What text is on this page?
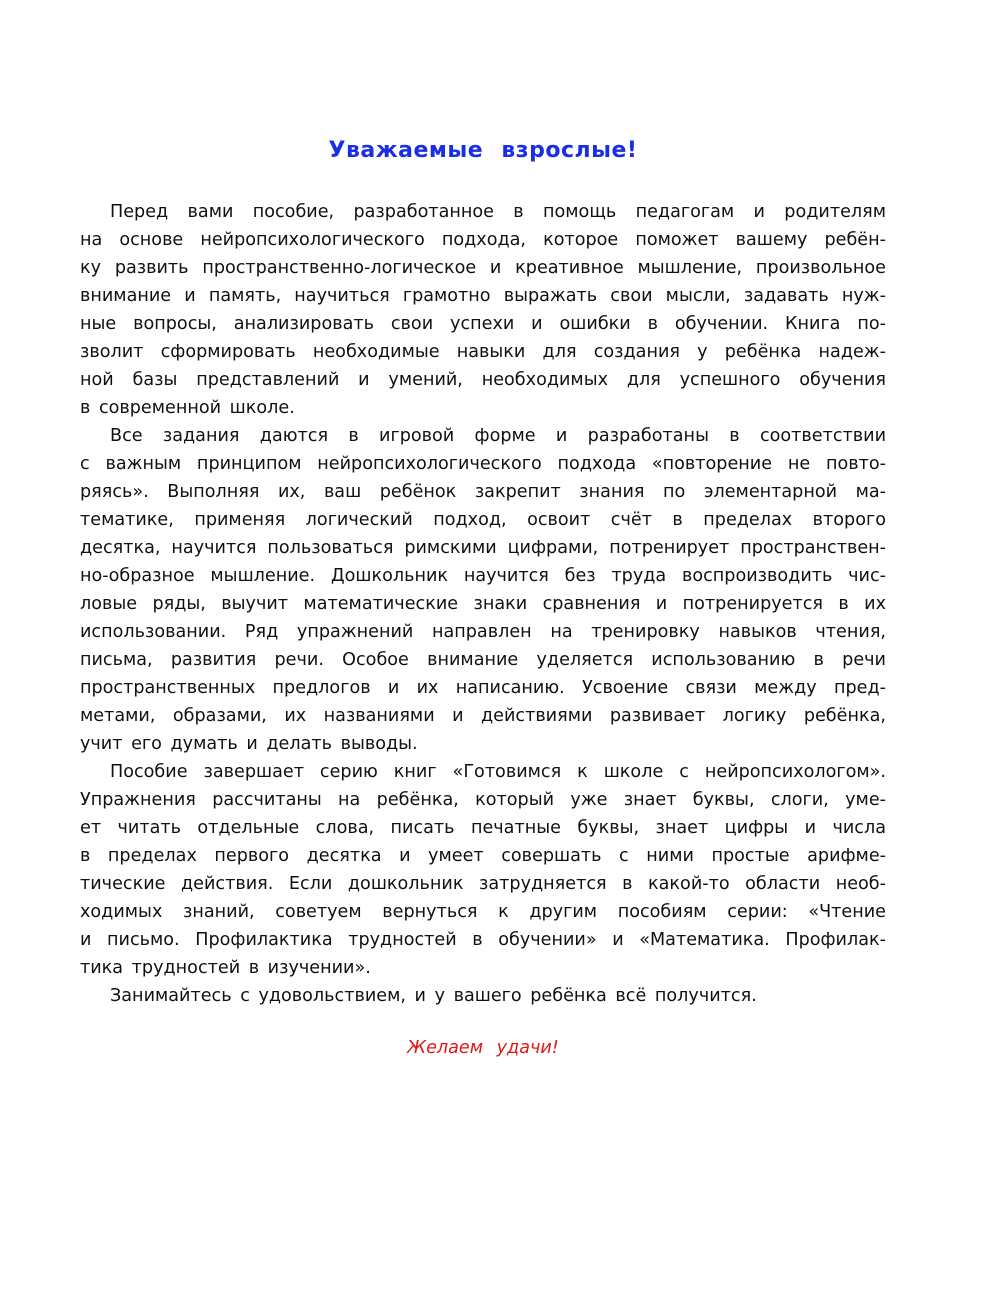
Уважаемые взрослые!

Перед вами пособие, разработанное в помощь педагогам и родителям
на основе нейропсихологического подхода, которое поможет вашему ребён-
ку развить пространственно-логическое и креативное мышление, произвольное
внимание и память, научиться грамотно выражать свои мысли, задавать нуж-
ные вопросы, анализировать свои успехи и ошибки в обучении. Книга по-
зволит сформировать необходимые навыки для создания у ребёнка надеж-
ной базы представлений и умений, необходимых для успешного обучения
в современной школе.

Все задания даются в игровой форме и разработаны в соответствии
с важным принципом нейропсихологического подхода «повторение не повто-
ряясь». Выполняя их, ваш ребёнок закрепит знания по элементарной ма-
тематике, применяя логический подход, освоит счёт в пределах второго
десятка, научится пользоваться римскими цифрами, потренирует пространствен-
но-образное мышление. Дошкольник научится без труда воспроизводить чис-
ловые ряды, выучит математические знаки сравнения и потренируется в их
использовании. Ряд упражнений направлен на тренировку навыков чтения,
письма, развития речи. Особое внимание уделяется использованию в речи
пространственных предлогов и их написанию. Усвоение связи между пред-
метами, образами, их названиями и действиями развивает логику ребёнка,
учит его думать и делать выводы.

Пособие завершает серию книг «Готовимся к школе с нейропсихологом».
Упражнения рассчитаны на ребёнка, который уже знает буквы, слоги, уме-
ет читать отдельные слова, писать печатные буквы, знает цифры и числа
в пределах первого десятка и умеет совершать с ними простые арифме-
тические действия. Если дошкольник затрудняется в какой-то области необ-
ходимых знаний, советуем вернуться к другим пособиям серии: «Чтение
и письмо. Профилактика трудностей в обучении» и «Математика. Профилак-
тика трудностей в изучении».

Занимайтесь с удовольствием, и у вашего ребёнка всё получится.

Желаем удачи!
